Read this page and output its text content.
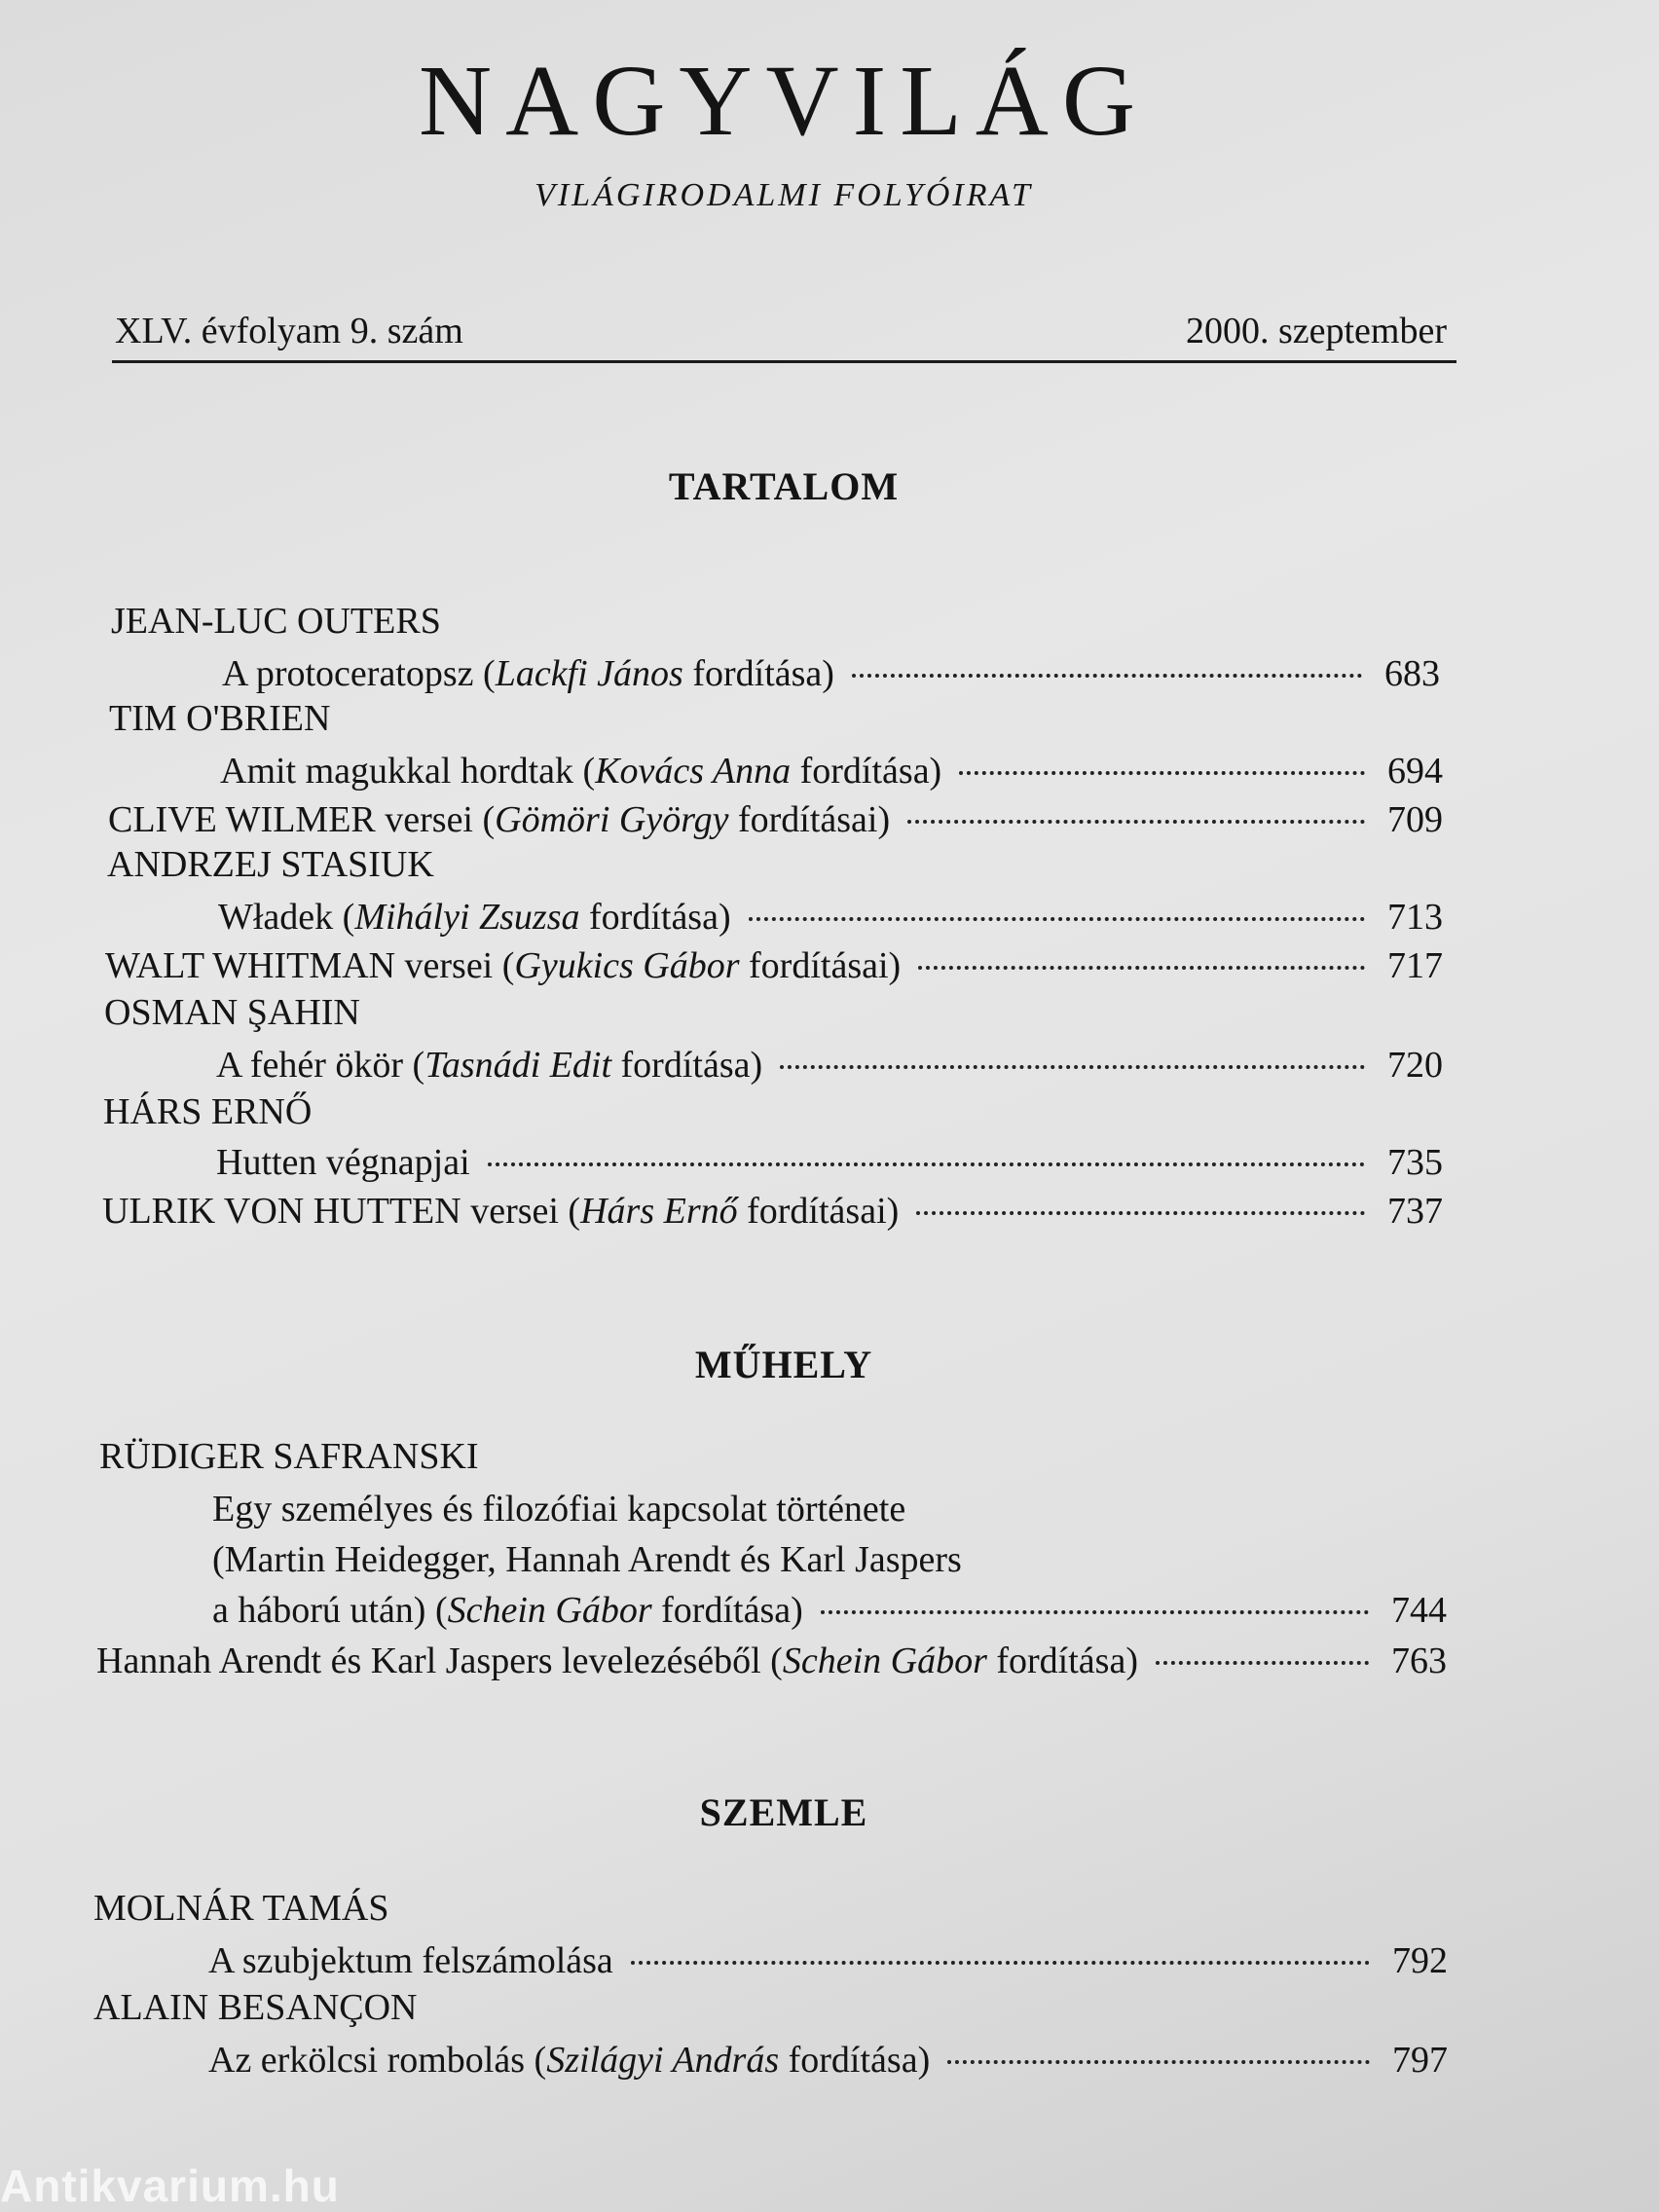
NAGYVILÁG
VILÁGIRODALMI FOLYÓIRAT
XLV. évfolyam 9. szám	2000. szeptember
TARTALOM
JEAN-LUC OUTERS
A protoceratopsz (Lackfi János fordítása)	683
TIM O'BRIEN
Amit magukkal hordtak (Kovács Anna fordítása)	694
CLIVE WILMER versei (Gömöri György fordításai)	709
ANDRZEJ STASIUK
Władek (Mihályi Zsuzsa fordítása)	713
WALT WHITMAN versei (Gyukics Gábor fordításai)	717
OSMAN ŞAHIN
A fehér ökör (Tasnádi Edit fordítása)	720
HÁRS ERNŐ
Hutten végnapjai	735
ULRIK VON HUTTEN versei (Hárs Ernő fordításai)	737
MŰHELY
RÜDIGER SAFRANSKI
Egy személyes és filozófiai kapcsolat története
(Martin Heidegger, Hannah Arendt és Karl Jaspers
a háború után) (Schein Gábor fordítása)	744
Hannah Arendt és Karl Jaspers levelezéséből (Schein Gábor fordítása)	763
SZEMLE
MOLNÁR TAMÁS
A szubjektum felszámolása	792
ALAIN BESANÇON
Az erkölcsi rombolás (Szilágyi András fordítása)	797
Antikvarium.hu
